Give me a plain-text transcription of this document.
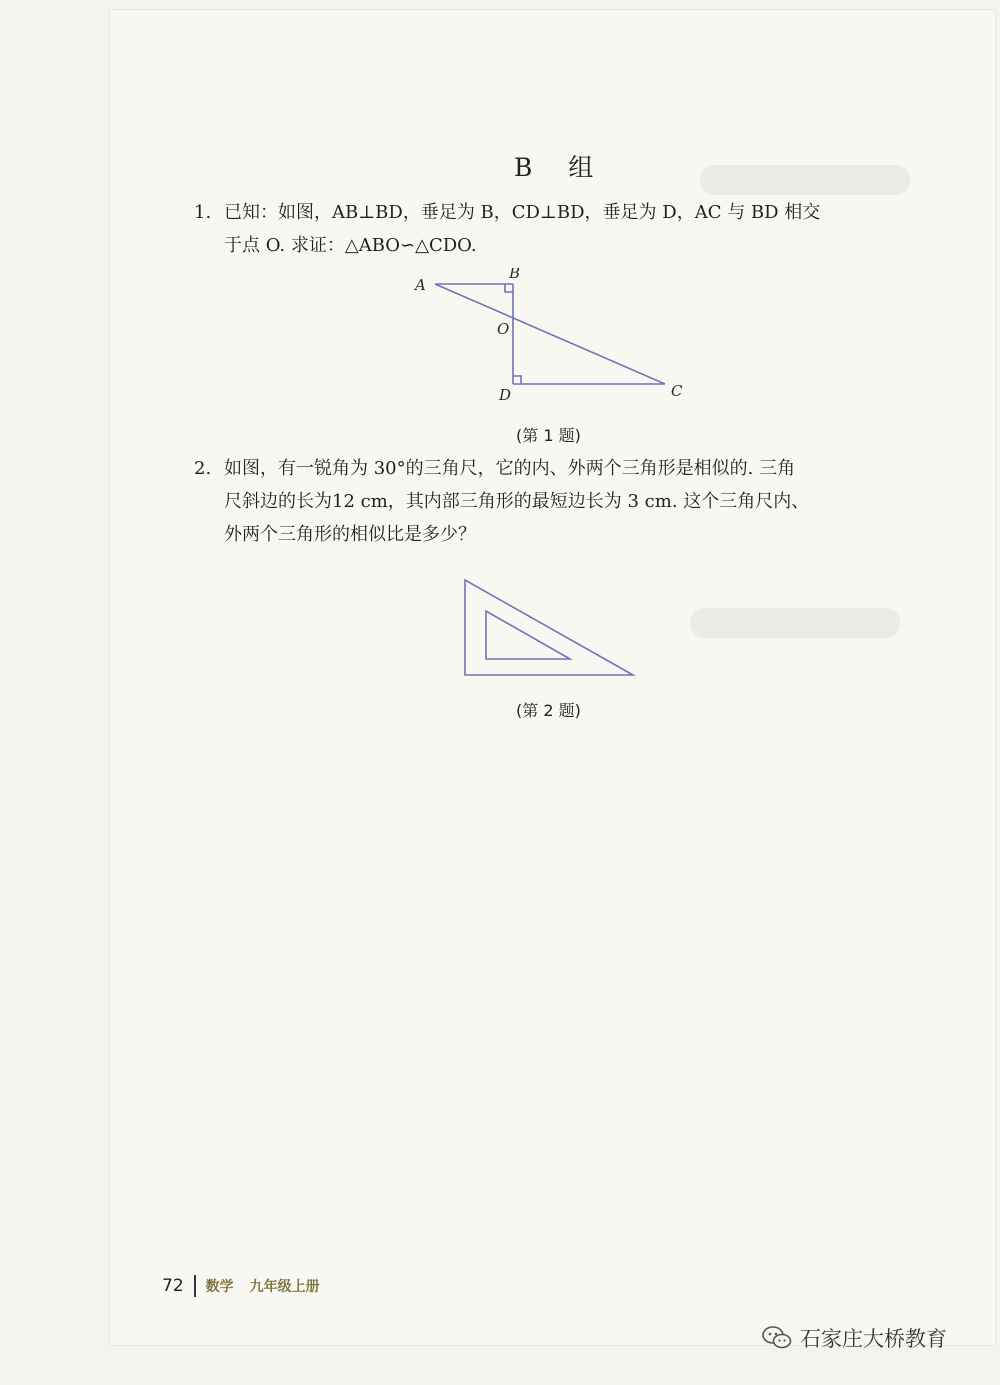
B 组
1. 已知：如图，AB⊥BD，垂足为 B，CD⊥BD，垂足为 D，AC 与 BD 相交
于点 O. 求证：△ABO∽△CDO.
A
B
O
D	C
(第 1 题)
2. 如图，有一锐角为 30°的三角尺，它的内、外两个三角形是相似的. 三角
尺斜边的长为12 cm，其内部三角形的最短边长为 3 cm. 这个三角尺内、
外两个三角形的相似比是多少？
(第 2 题)
72 数学 九年级上册
石家庄大桥教育
